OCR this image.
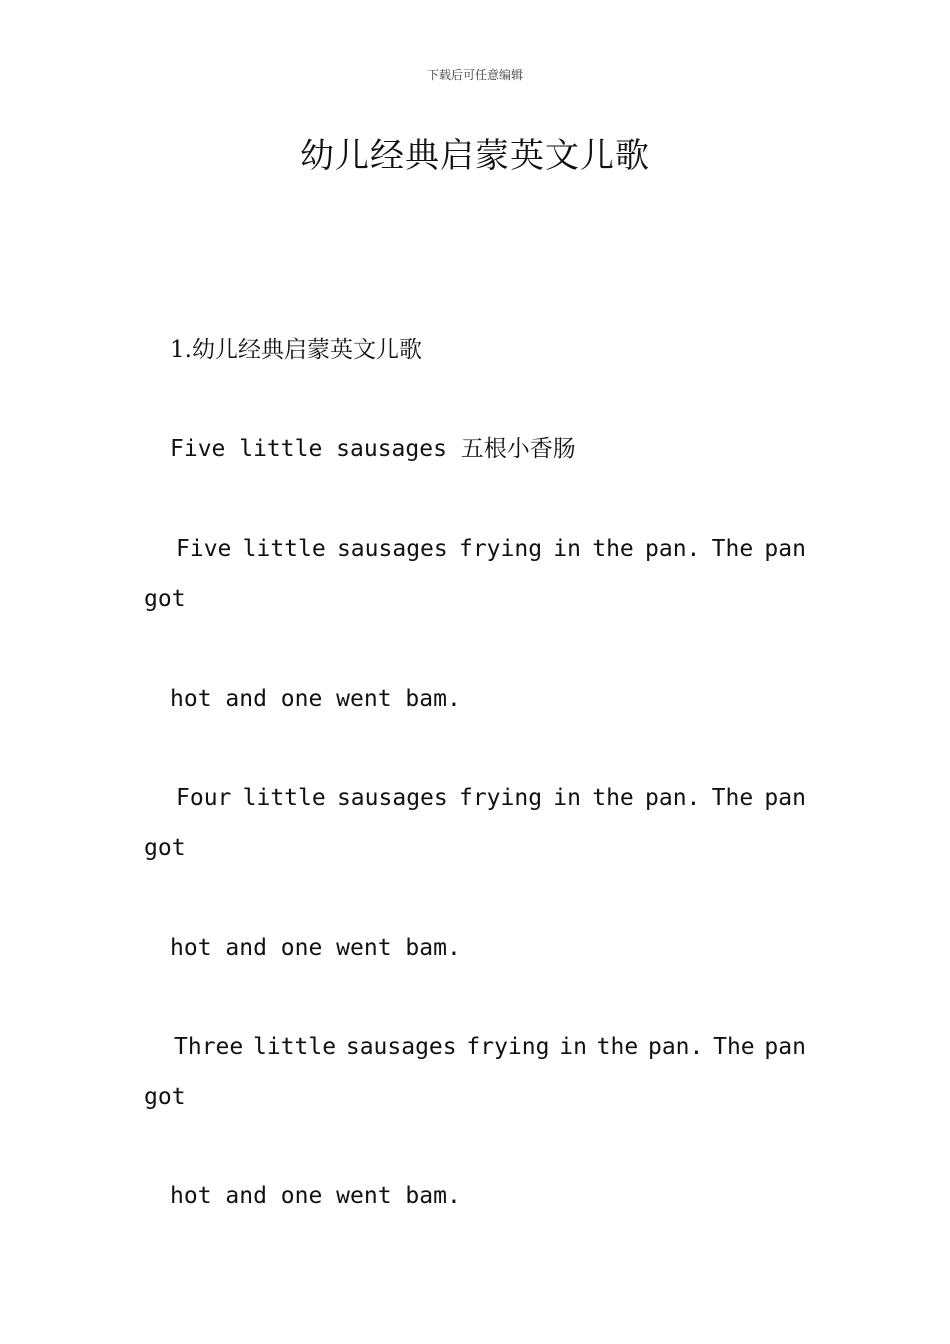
下载后可任意编辑
幼儿经典启蒙英文儿歌
1.幼儿经典启蒙英文儿歌
Five little sausages 五根小香肠
Five little sausages frying in the pan. The pan
got
hot and one went bam.
Four little sausages frying in the pan. The pan
got
hot and one went bam.
Three little sausages frying in the pan. The pan
got
hot and one went bam.
